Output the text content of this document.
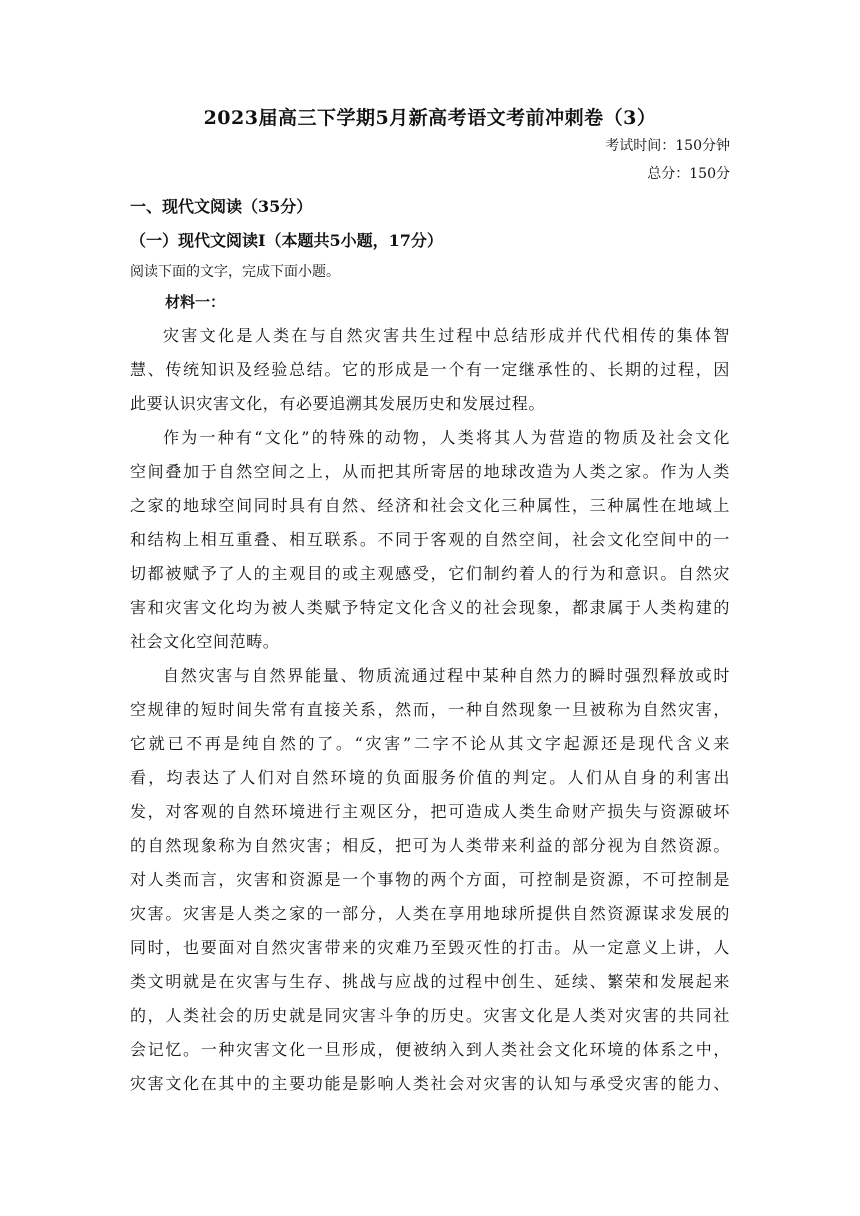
2023届高三下学期5月新高考语文考前冲刺卷（3）
考试时间：150分钟
总分：150分
一、现代文阅读（35分）
（一）现代文阅读Ⅰ（本题共5小题，17分）
阅读下面的文字，完成下面小题。
材料一：
灾害文化是人类在与自然灾害共生过程中总结形成并代代相传的集体智
慧、传统知识及经验总结。它的形成是一个有一定继承性的、长期的过程，因
此要认识灾害文化，有必要追溯其发展历史和发展过程。
作为一种有“文化”的特殊的动物，人类将其人为营造的物质及社会文化
空间叠加于自然空间之上，从而把其所寄居的地球改造为人类之家。作为人类
之家的地球空间同时具有自然、经济和社会文化三种属性，三种属性在地域上
和结构上相互重叠、相互联系。不同于客观的自然空间，社会文化空间中的一
切都被赋予了人的主观目的或主观感受，它们制约着人的行为和意识。自然灾
害和灾害文化均为被人类赋予特定文化含义的社会现象，都隶属于人类构建的
社会文化空间范畴。
自然灾害与自然界能量、物质流通过程中某种自然力的瞬时强烈释放或时
空规律的短时间失常有直接关系，然而，一种自然现象一旦被称为自然灾害，
它就已不再是纯自然的了。“灾害”二字不论从其文字起源还是现代含义来
看，均表达了人们对自然环境的负面服务价值的判定。人们从自身的利害出
发，对客观的自然环境进行主观区分，把可造成人类生命财产损失与资源破坏
的自然现象称为自然灾害；相反，把可为人类带来利益的部分视为自然资源。
对人类而言，灾害和资源是一个事物的两个方面，可控制是资源，不可控制是
灾害。灾害是人类之家的一部分，人类在享用地球所提供自然资源谋求发展的
同时，也要面对自然灾害带来的灾难乃至毁灭性的打击。从一定意义上讲，人
类文明就是在灾害与生存、挑战与应战的过程中创生、延续、繁荣和发展起来
的，人类社会的历史就是同灾害斗争的历史。灾害文化是人类对灾害的共同社
会记忆。一种灾害文化一旦形成，便被纳入到人类社会文化环境的体系之中，
灾害文化在其中的主要功能是影响人类社会对灾害的认知与承受灾害的能力、
